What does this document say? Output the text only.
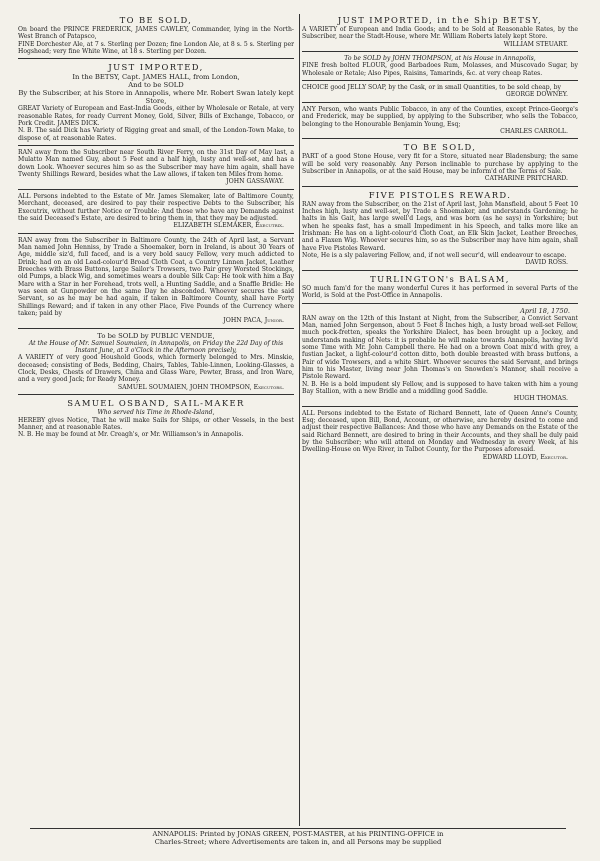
TO BE SOLD,

On board the PRINCE FREDERICK, JAMES CAWLEY, Commander, lying in the North-West Branch of Patapsco,

FINE Dorchester Ale, at 7 s. Sterling per Dozen; fine London Ale, at 8 s. 5 s. Sterling per Hogshead; very fine White Wine, at 18 s. Sterling per Dozen.

JUST IMPORTED,
In the BETSY, Capt. JAMES HALL, from London,
And to be SOLD
By the Subscriber, at his Store in Annapolis, where Mr. Robert Swan lately kept Store,

GREAT Variety of European and East-India Goods, either by Wholesale or Retale, at very reasonable Rates, for ready Current Money, Gold, Silver, Bills of Exchange, Tobacco, or Pork Credit. JAMES DICK.

N. B. The said Dick has Variety of Rigging great and small, of the London-Town Make, to dispose of, at reasonable Rates.

RAN away from the Subscriber near South River Ferry, on the 31st Day of May last, a Mulatto Man named Guy, about 5 Feet and a half high, lusty and well-set, and has a down Look. Whoever secures him so as the Subscriber may have him again, shall have Twenty Shillings Reward, besides what the Law allows, if taken ten Miles from home.

JOHN GASSAWAY.

ALL Persons indebted to the Estate of Mr. James Slemaker, late of Baltimore County, Merchant, deceased, are desired to pay their respective Debts to the Subscriber, his Executrix, without further Notice or Trouble: And those who have any Demands against the said Deceased's Estate, are desired to bring them in, that they may be adjusted.

ELIZABETH SLEMAKER, Executrix.

RAN away from the Subscriber in Baltimore County, the 24th of April last, a Servant Man named John Henniss, by Trade a Shoemaker, born in Ireland, is about 30 Years of Age, middle siz'd, full faced, and is a very bold saucy Fellow, very much addicted to Drink; had on an old Lead-colour'd Broad Cloth Coat, a Country Linnen Jacket, Leather Breeches with Brass Buttons, large Sailor's Trowsers, two Pair grey Worsted Stockings, old Pumps, a black Wig, and sometimes wears a double Silk Cap: He took with him a Bay Mare with a Star in her Forehead, trots well, a Hunting Saddle, and a Snaffle Bridle: He was seen at Gunpowder on the same Day he absconded. Whoever secures the said Servant, so as he may be had again, if taken in Baltimore County, shall have Forty Shillings Reward; and if taken in any other Place, Five Pounds of the Currency where taken; paid by

JOHN PACA, Junior.
To be SOLD by PUBLIC VENDUE,
At the House of Mr. Samuel Soumaien, in Annapolis, on Friday the 22d Day of this Instant June, at 3 o'Clock in the Afternoon precisely,

A VARIETY of very good Houshold Goods, which formerly belonged to Mrs. Minskie, deceased; consisting of Beds, Bedding, Chairs, Tables, Table-Linnen, Looking-Glasses, a Clock, Desks, Chests of Drawers, China and Glass Ware, Pewter, Brass, and Iron Ware, and a very good Jack; for Ready Money.

SAMUEL SOUMAIEN, JOHN THOMPSON, Executors.
SAMUEL OSBAND, SAIL-MAKER
Who served his Time in Rhode-Island,

HEREBY gives Notice, That he will make Sails for Ships, or other Vessels, in the best Manner, and at reasonable Rates.

N. B. He may be found at Mr. Creagh's, or Mr. Williamson's in Annapolis.

JUST IMPORTED, in the Ship BETSY,

A VARIETY of European and India Goods; and to be Sold at Reasonable Rates, by the Subscriber, near the Stadt-House, where Mr. William Roberts lately kept Store.

WILLIAM STEUART.
To be SOLD by JOHN THOMPSON, at his House in Annapolis,

FINE fresh bolted FLOUR, good Barbadoes Rum, Molasses, and Muscovado Sugar, by Wholesale or Retale; Also Pipes, Raisins, Tamarinds, &c. at very cheap Rates.

CHOICE good JELLY SOAP, by the Cask, or in small Quantities, to be sold cheap, by

GEORGE DOWNEY.

ANY Person, who wants Public Tobacco, in any of the Counties, except Prince-George's and Frederick, may be supplied, by applying to the Subscriber, who sells the Tobacco, belonging to the Honourable Benjamin Young, Esq;

CHARLES CARROLL.
TO BE SOLD,

PART of a good Stone House, very fit for a Store, situated near Bladensburg; the same will be sold very reasonably. Any Person inclinable to purchase by applying to the Subscriber in Annapolis, or at the said House, may be inform'd of the Terms of Sale.

CATHARINE PRITCHARD.
FIVE PISTOLES REWARD.

RAN away from the Subscriber, on the 21st of April last, John Mansfield, about 5 Feet 10 Inches high, lusty and well-set, by Trade a Shoemaker, and understands Gardening; he halts in his Gait, has large swell'd Legs, and was born (as he says) in Yorkshire; but when he speaks fast, has a small Impediment in his Speech, and talks more like an Irishman: He has on a light-colour'd Cloth Coat, an Elk Skin Jacket, Leather Breeches, and a Flaxen Wig. Whoever secures him, so as the Subscriber may have him again, shall have Five Pistoles Reward.

Note, He is a sly palavering Fellow, and, if not well secur'd, will endeavour to escape.

DAVID ROSS.
TURLINGTON's BALSAM,

SO much fam'd for the many wonderful Cures it has performed in several Parts of the World, is Sold at the Post-Office in Annapolis.

April 18, 1750.

RAN away on the 12th of this Instant at Night, from the Subscriber, a Convict Servant Man, named John Sergenson, about 5 Feet 8 Inches high, a lusty broad well-set Fellow, much pock-fretten, speaks the Yorkshire Dialect, has been brought up a Jockey, and understands making of Nets: it is probable he will make towards Annapolis, having liv'd some Time with Mr. John Campbell there. He had on a brown Coat mix'd with grey, a fustian Jacket, a light-colour'd cotton ditto, both double breasted with brass buttons, a Pair of wide Trowsers, and a white Shirt. Whoever secures the said Servant, and brings him to his Master, living near John Thomas's on Snowden's Mannor, shall receive a Pistole Reward.

N. B. He is a bold impudent sly Fellow, and is supposed to have taken with him a young Bay Stallion, with a new Bridle and a middling good Saddle.

HUGH THOMAS.

ALL Persons indebted to the Estate of Richard Bennett, late of Queen Anne's County, Esq; deceased, upon Bill, Bond, Account, or otherwise, are hereby desired to come and adjust their respective Ballances: And those who have any Demands on the Estate of the said Richard Bennett, are desired to bring in their Accounts, and they shall be duly paid by the Subscriber; who will attend on Monday and Wednesday in every Week, at his Dwelling-House on Wye River, in Talbot County, for the Purposes aforesaid.

EDWARD LLOYD, Executor.
ANNAPOLIS: Printed by JONAS GREEN, POST-MASTER, at his PRINTING-OFFICE in
Charles-Street; where Advertisements are taken in, and all Persons may be supplied
